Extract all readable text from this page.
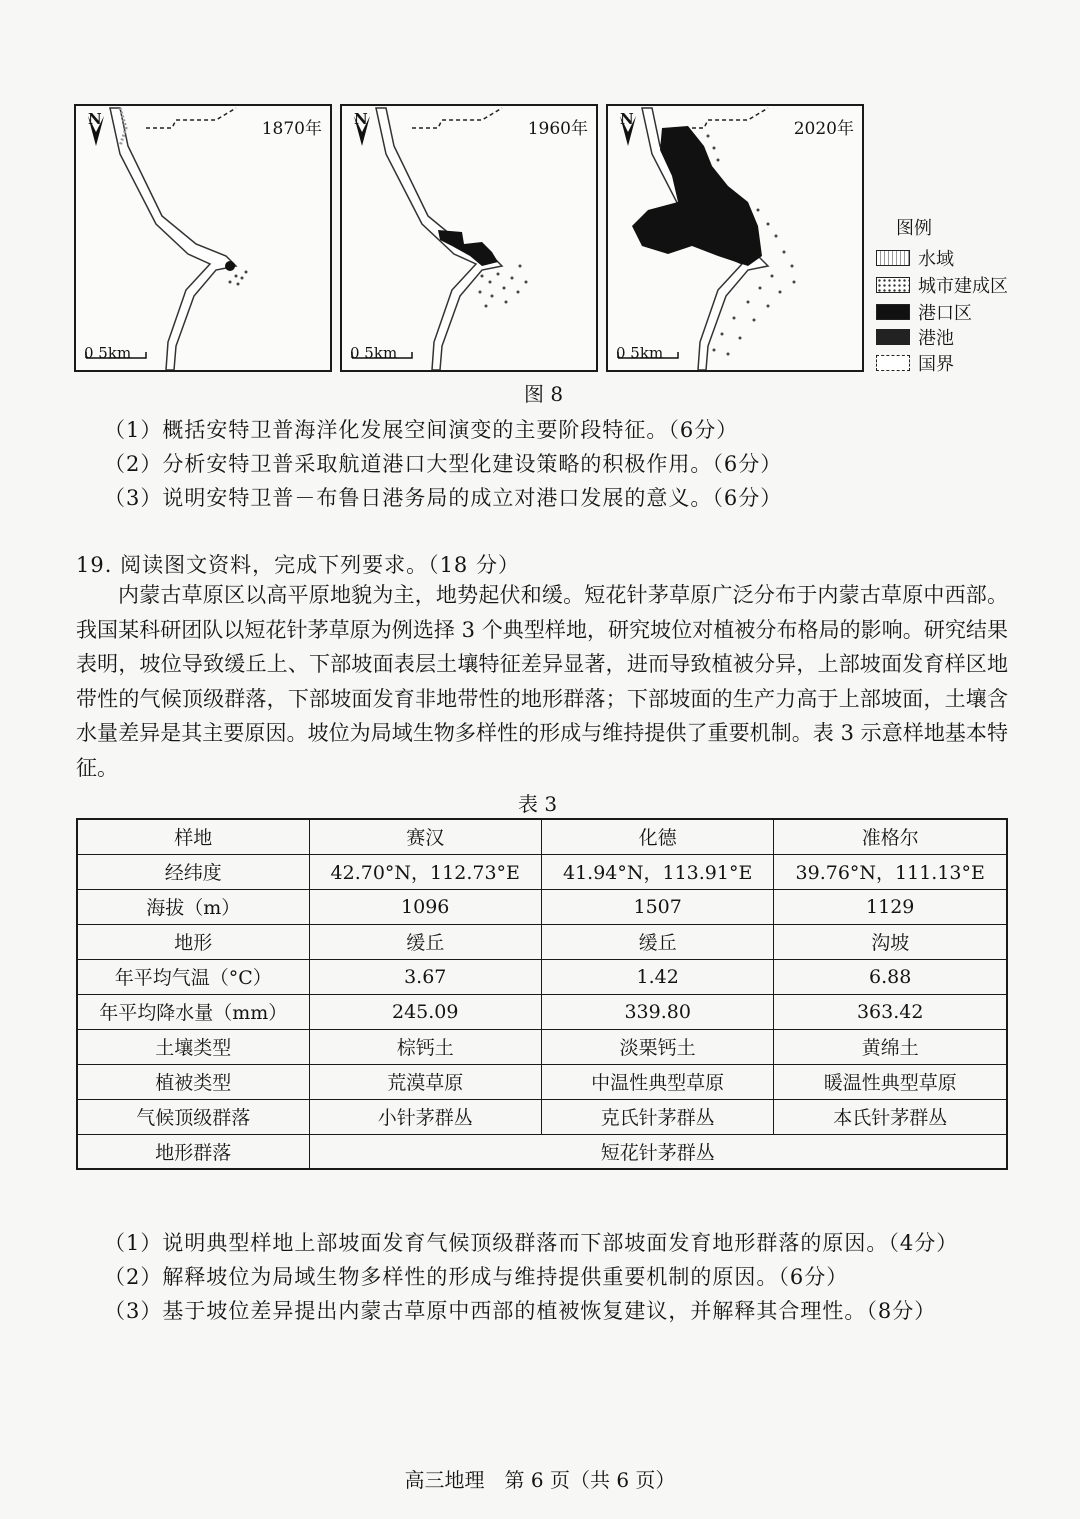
N	1870年
0 5km
N	1960年
0 5km
N	2020年
0 5km
图例
水域
城市建成区
港口区
港池
国界
图 8
（1）概括安特卫普海洋化发展空间演变的主要阶段特征。（6分）
（2）分析安特卫普采取航道港口大型化建设策略的积极作用。（6分）
（3）说明安特卫普－布鲁日港务局的成立对港口发展的意义。（6分）
19. 阅读图文资料，完成下列要求。（18 分）
内蒙古草原区以高平原地貌为主，地势起伏和缓。短花针茅草原广泛分布于内蒙古草原中西部。我国某科研团队以短花针茅草原为例选择 3 个典型样地，研究坡位对植被分布格局的影响。研究结果表明，坡位导致缓丘上、下部坡面表层土壤特征差异显著，进而导致植被分异，上部坡面发育样区地带性的气候顶级群落，下部坡面发育非地带性的地形群落；下部坡面的生产力高于上部坡面，土壤含水量差异是其主要原因。坡位为局域生物多样性的形成与维持提供了重要机制。表 3 示意样地基本特征。
表 3
样地	赛汉	化德	准格尔
经纬度	42.70°N，112.73°E	41.94°N，113.91°E	39.76°N，111.13°E
海拔（m）	1096	1507	1129
地形	缓丘	缓丘	沟坡
年平均气温（°C）	3.67	1.42	6.88
年平均降水量（mm）	245.09	339.80	363.42
土壤类型	棕钙土	淡栗钙土	黄绵土
植被类型	荒漠草原	中温性典型草原	暖温性典型草原
气候顶级群落	小针茅群丛	克氏针茅群丛	本氏针茅群丛
地形群落	短花针茅群丛		
（1）说明典型样地上部坡面发育气候顶级群落而下部坡面发育地形群落的原因。（4分）
（2）解释坡位为局域生物多样性的形成与维持提供重要机制的原因。（6分）
（3）基于坡位差异提出内蒙古草原中西部的植被恢复建议，并解释其合理性。（8分）
高三地理　第 6 页（共 6 页）
